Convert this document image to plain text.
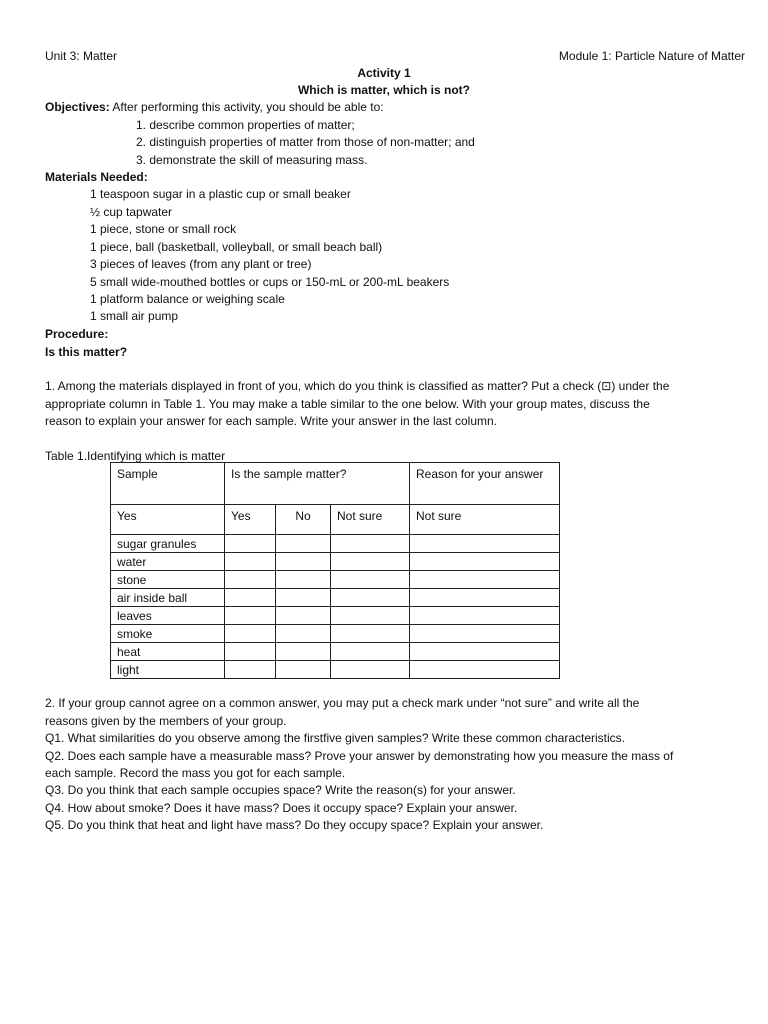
Unit 3: Matter	Module 1: Particle Nature of Matter
Activity 1
Which is matter, which is not?
Objectives: After performing this activity, you should be able to:
1. describe common properties of matter;
2. distinguish properties of matter from those of non-matter; and
3. demonstrate the skill of measuring mass.
Materials Needed:
1 teaspoon sugar in a plastic cup or small beaker
½ cup tapwater
1 piece, stone or small rock
1 piece, ball (basketball, volleyball, or small beach ball)
3 pieces of leaves (from any plant or tree)
5 small wide-mouthed bottles or cups or 150-mL or 200-mL beakers
1 platform balance or weighing scale
1 small air pump
Procedure:
Is this matter?
1. Among the materials displayed in front of you, which do you think is classified as matter? Put a check (⊡) under the
appropriate column in Table 1. You may make a table similar to the one below. With your group mates, discuss the
reason to explain your answer for each sample. Write your answer in the last column.
Table 1.Identifying which is matter
Sample	Is the sample matter?			Reason for your answer
Yes	Yes	No	Not sure	Not sure
sugar granules				
water				
stone				
air inside ball				
leaves				
smoke				
heat				
light				
2. If your group cannot agree on a common answer, you may put a check mark under “not sure” and write all the
reasons given by the members of your group.
Q1. What similarities do you observe among the firstfive given samples? Write these common characteristics.
Q2. Does each sample have a measurable mass? Prove your answer by demonstrating how you measure the mass of
each sample. Record the mass you got for each sample.
Q3. Do you think that each sample occupies space? Write the reason(s) for your answer.
Q4. How about smoke? Does it have mass? Does it occupy space? Explain your answer.
Q5. Do you think that heat and light have mass? Do they occupy space? Explain your answer.
